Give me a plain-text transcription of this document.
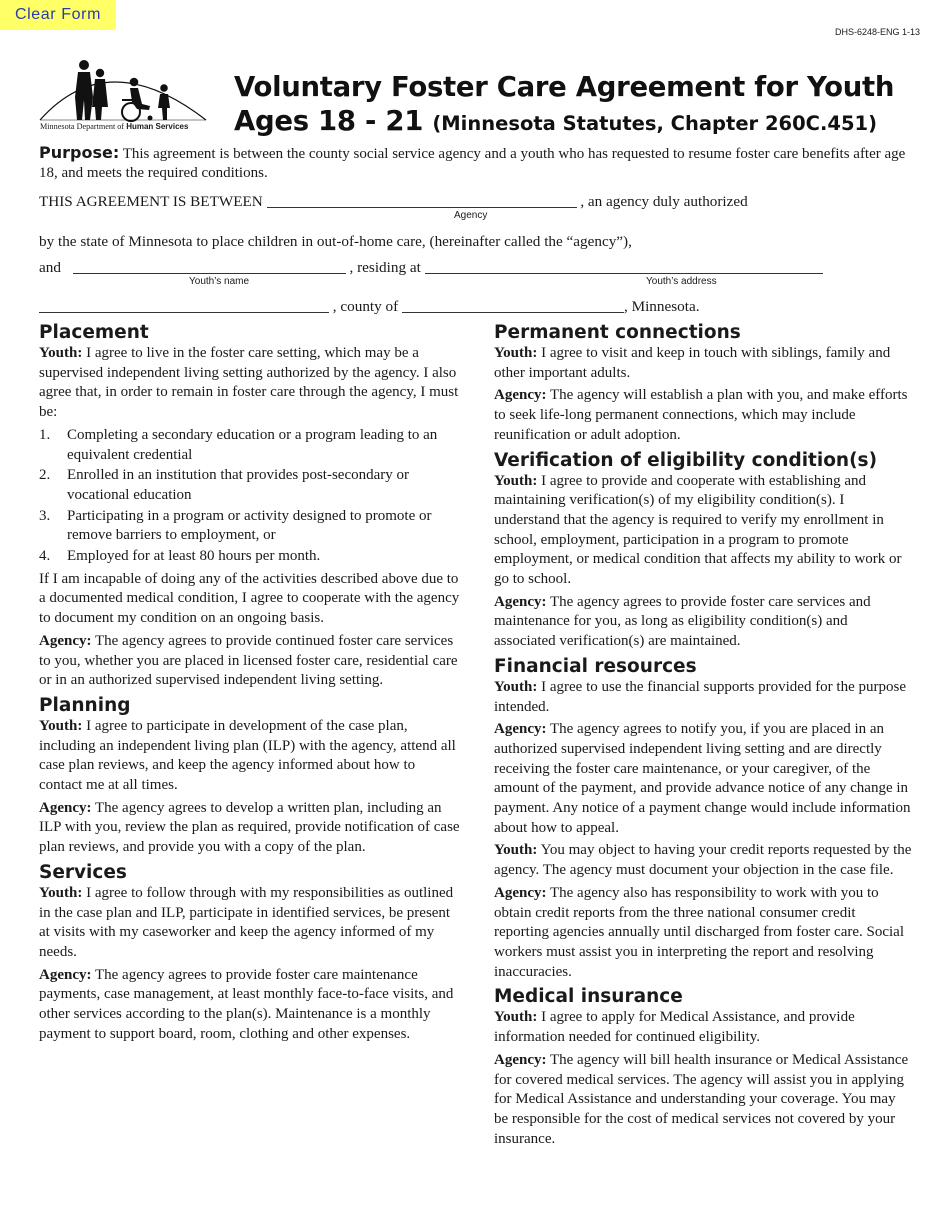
Clear Form
DHS-6248-ENG 1-13
Minnesota Department of Human Services
Voluntary Foster Care Agreement for Youth
Ages 18 - 21 (Minnesota Statutes, Chapter 260C.451)
Purpose: This agreement is between the county social service agency and a youth who has requested to resume foster care benefits after age 18, and meets the required conditions.
THIS AGREEMENT IS BETWEEN	, an agency duly authorized
Agency
by the state of Minnesota to place children in out-of-home care, (hereinafter called the “agency”),
and	, residing at
Youth’s name	Youth’s address
, county of	, Minnesota.
Placement

Youth: I agree to live in the foster care setting, which may be a supervised independent living setting authorized by the agency. I also agree that, in order to remain in foster care through the agency, I must be:

1. Completing a secondary education or a program leading to an equivalent credential
2. Enrolled in an institution that provides post-secondary or vocational education
3. Participating in a program or activity designed to promote or remove barriers to employment, or
4. Employed for at least 80 hours per month.

If I am incapable of doing any of the activities described above due to a documented medical condition, I agree to cooperate with the agency to document my condition on an ongoing basis.

Agency: The agency agrees to provide continued foster care services to you, whether you are placed in licensed foster care, residential care or in an authorized supervised independent living setting.

Planning

Youth: I agree to participate in development of the case plan, including an independent living plan (ILP) with the agency, attend all case plan reviews, and keep the agency informed about how to contact me at all times.

Agency: The agency agrees to develop a written plan, including an ILP with you, review the plan as required, provide notification of case plan reviews, and provide you with a copy of the plan.

Services

Youth: I agree to follow through with my responsibilities as outlined in the case plan and ILP, participate in identified services, be present at visits with my caseworker and keep the agency informed of my needs.

Agency: The agency agrees to provide foster care maintenance payments, case management, at least monthly face-to-face visits, and other services according to the plan(s). Maintenance is a monthly payment to support board, room, clothing and other expenses.

Permanent connections

Youth: I agree to visit and keep in touch with siblings, family and other important adults.

Agency: The agency will establish a plan with you, and make efforts to seek life-long permanent connections, which may include reunification or adult adoption.

Verification of eligibility condition(s)

Youth: I agree to provide and cooperate with establishing and maintaining verification(s) of my eligibility condition(s). I understand that the agency is required to verify my enrollment in school, employment, participation in a program to promote employment, or medical condition that affects my ability to work or go to school.

Agency: The agency agrees to provide foster care services and maintenance for you, as long as eligibility condition(s) and associated verification(s) are maintained.

Financial resources

Youth: I agree to use the financial supports provided for the purpose intended.

Agency: The agency agrees to notify you, if you are placed in an authorized supervised independent living setting and are directly receiving the foster care maintenance, or your caregiver, of the amount of the payment, and provide advance notice of any change in payment. Any notice of a payment change would include information about how to appeal.

Youth: You may object to having your credit reports requested by the agency. The agency must document your objection in the case file.

Agency: The agency also has responsibility to work with you to obtain credit reports from the three national consumer credit reporting agencies annually until discharged from foster care. Social workers must assist you in interpreting the report and resolving inaccuracies.

Medical insurance

Youth: I agree to apply for Medical Assistance, and provide information needed for continued eligibility.

Agency: The agency will bill health insurance or Medical Assistance for covered medical services. The agency will assist you in applying for Medical Assistance and understanding your coverage. You may be responsible for the cost of medical services not covered by your insurance.
